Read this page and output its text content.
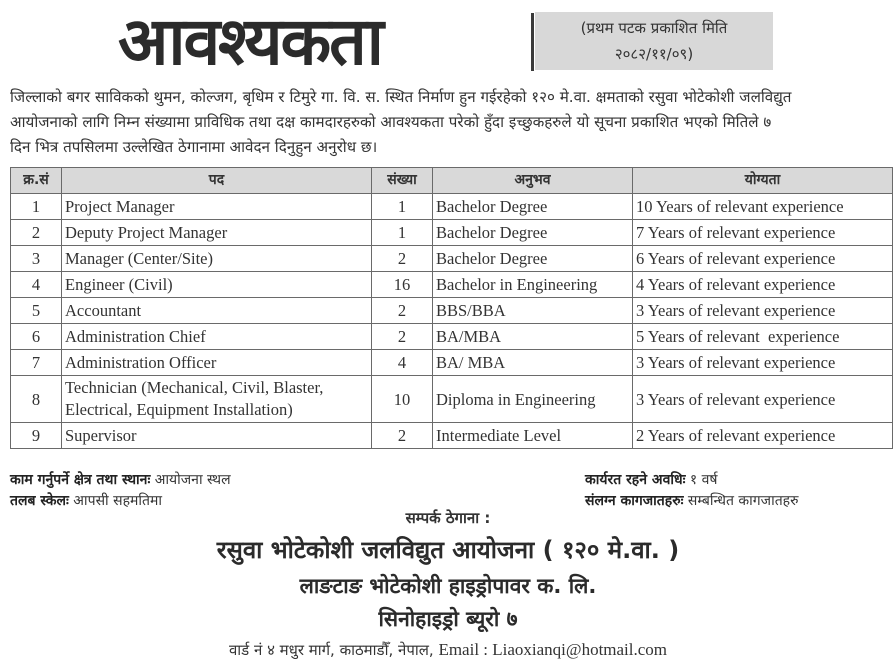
आवश्यकता	(प्रथम पटक प्रकाशित मिति
२०८२/११/०९)
जिल्लाको बगर साविकको थुमन, कोल्जग, बृधिम र टिमुरे गा. वि. स. स्थित निर्माण हुन गईरहेको १२० मे.वा. क्षमताको रसुवा भोटेकोशी जलविद्युत
आयोजनाको लागि निम्न संख्यामा प्राविधिक तथा दक्ष कामदारहरुको आवश्यकता परेको हुँदा इच्छुकहरुले यो सूचना प्रकाशित भएको मितिले ७
दिन भित्र तपसिलमा उल्लेखित ठेगानामा आवेदन दिनुहुन अनुरोध छ।
क्र.सं	पद	संख्या	अनुभव	योग्यता
1	Project Manager	1	Bachelor Degree	10 Years of relevant experience
2	Deputy Project Manager	1	Bachelor Degree	7 Years of relevant experience
3	Manager (Center/Site)	2	Bachelor Degree	6 Years of relevant experience
4	Engineer (Civil)	16	Bachelor in Engineering	4 Years of relevant experience
5	Accountant	2	BBS/BBA	3 Years of relevant experience
6	Administration Chief	2	BA/MBA	5 Years of relevant  experience
7	Administration Officer	4	BA/ MBA	3 Years of relevant experience
8	Technician (Mechanical, Civil, Blaster,
Electrical, Equipment Installation)	10	Diploma in Engineering	3 Years of relevant experience
9	Supervisor	2	Intermediate Level	2 Years of relevant experience
काम गर्नुपर्ने क्षेत्र तथा स्थानः आयोजना स्थल
तलब स्केलः आपसी सहमतिमा
कार्यरत रहने अवधिः १ वर्ष
संलग्न कागजातहरुः सम्बन्धित कागजातहरु
सम्पर्क ठेगाना :
रसुवा भोटेकोशी जलविद्युत आयोजना ( १२० मे.वा. )
लाङटाङ भोटेकोशी हाइड्रोपावर क. लि.
सिनोहाइड्रो ब्यूरो ७
वार्ड नं ४ मधुर मार्ग, काठमाडौँ, नेपाल, Email : Liaoxianqi@hotmail.com
